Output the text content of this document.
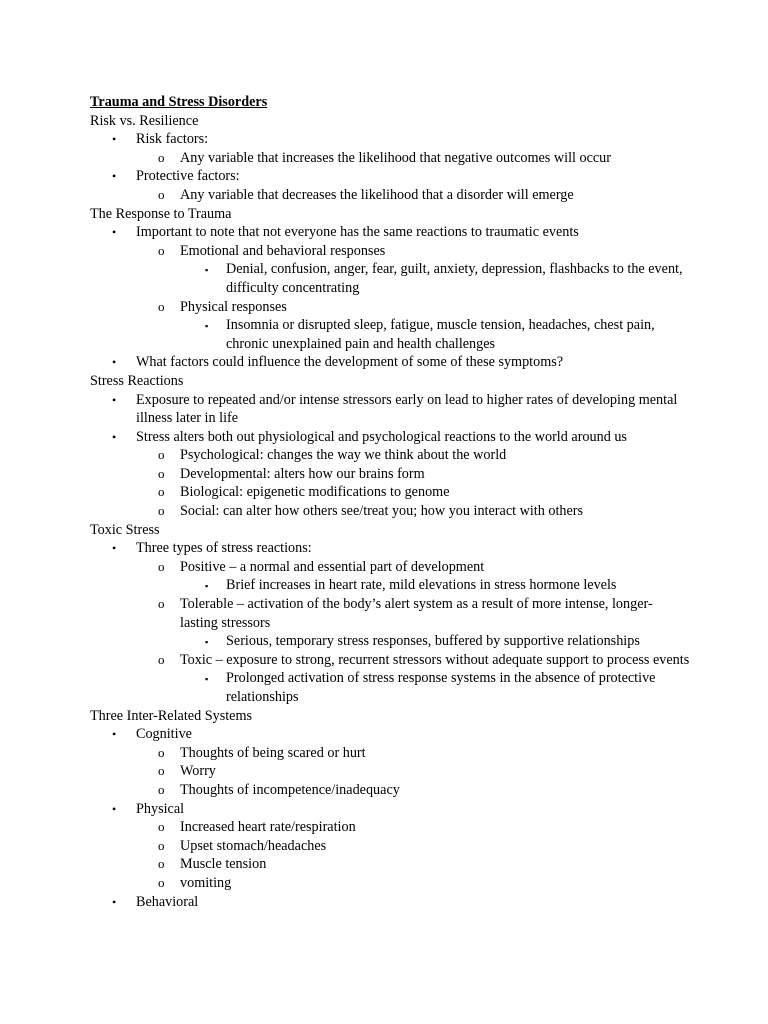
Trauma and Stress Disorders

Risk vs. Resilience

• Risk factors:
o Any variable that increases the likelihood that negative outcomes will occur
• Protective factors:
o Any variable that decreases the likelihood that a disorder will emerge

The Response to Trauma

• Important to note that not everyone has the same reactions to traumatic events
o Emotional and behavioral responses
▪ Denial, confusion, anger, fear, guilt, anxiety, depression, flashbacks to the event, difficulty concentrating
o Physical responses
▪ Insomnia or disrupted sleep, fatigue, muscle tension, headaches, chest pain, chronic unexplained pain and health challenges
• What factors could influence the development of some of these symptoms?

Stress Reactions

• Exposure to repeated and/or intense stressors early on lead to higher rates of developing mental illness later in life
• Stress alters both out physiological and psychological reactions to the world around us
o Psychological: changes the way we think about the world
o Developmental: alters how our brains form
o Biological: epigenetic modifications to genome
o Social: can alter how others see/treat you; how you interact with others

Toxic Stress

• Three types of stress reactions:
o Positive – a normal and essential part of development
▪ Brief increases in heart rate, mild elevations in stress hormone levels
o Tolerable – activation of the body’s alert system as a result of more intense, longer-lasting stressors
▪ Serious, temporary stress responses, buffered by supportive relationships
o Toxic – exposure to strong, recurrent stressors without adequate support to process events
▪ Prolonged activation of stress response systems in the absence of protective relationships

Three Inter-Related Systems

• Cognitive
o Thoughts of being scared or hurt
o Worry
o Thoughts of incompetence/inadequacy
• Physical
o Increased heart rate/respiration
o Upset stomach/headaches
o Muscle tension
o vomiting
• Behavioral
